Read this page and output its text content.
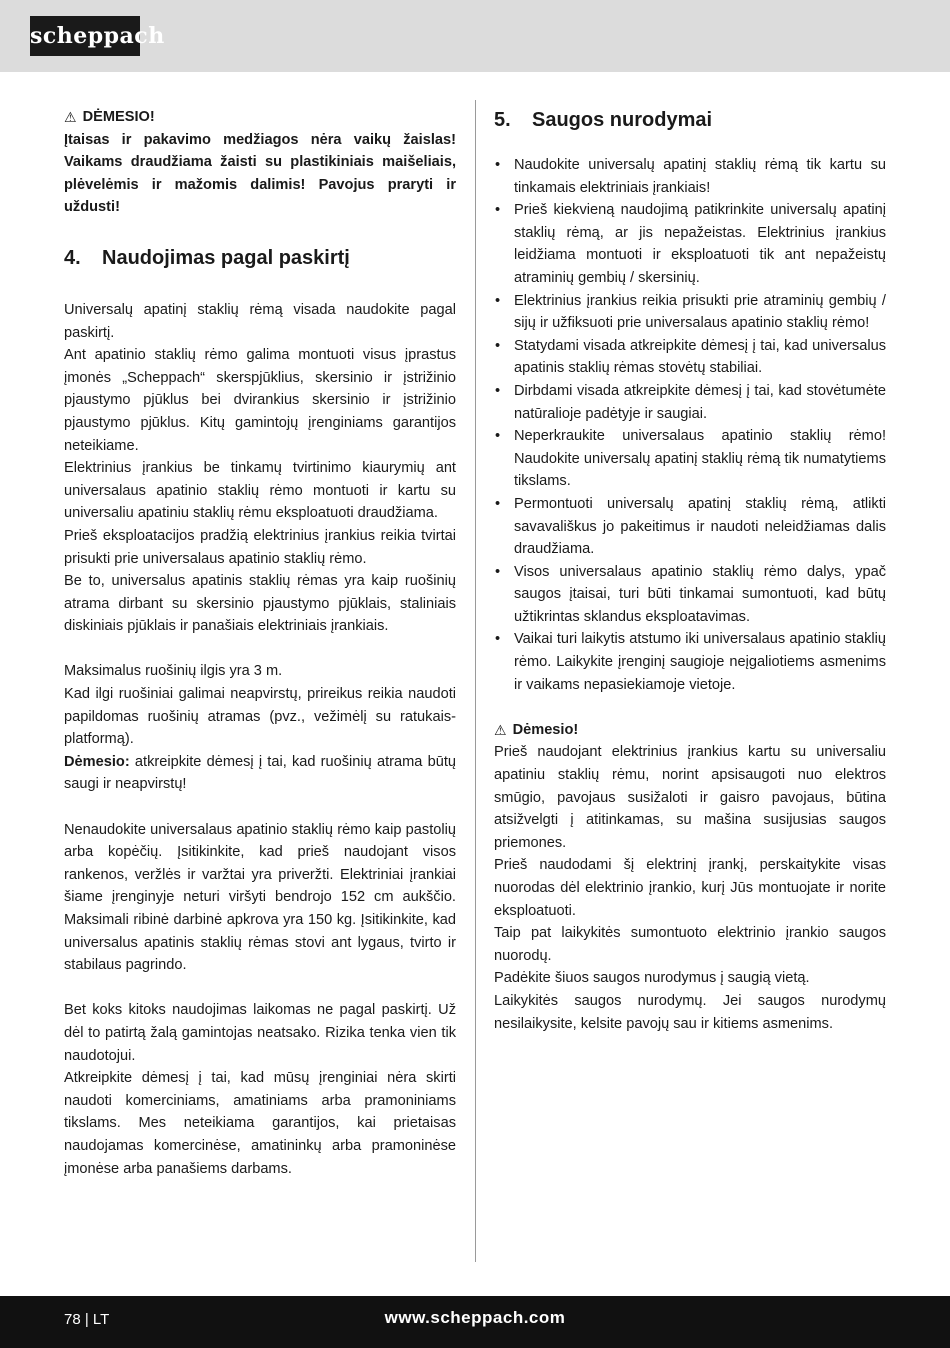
scheppach
⚠ DĖMESIO!

Įtaisas ir pakavimo medžiagos nėra vaikų žaislas! Vaikams draudžiama žaisti su plastikiniais maišeliais, plėvelėmis ir mažomis dalimis! Pavojus praryti ir uždusti!

4.	Naudojimas pagal paskirtį

Universalų apatinį staklių rėmą visada naudokite pagal paskirtį.

Ant apatinio staklių rėmo galima montuoti visus įprastus įmonės „Scheppach“ skerspjūklius, skersinio ir įstrižinio pjaustymo pjūklus bei dvirankius skersinio ir įstrižinio pjaustymo pjūklus. Kitų gamintojų įrenginiams garantijos neteikiame.

Elektrinius įrankius be tinkamų tvirtinimo kiaurymių ant universalaus apatinio staklių rėmo montuoti ir kartu su universaliu apatiniu staklių rėmu eksploatuoti draudžiama.

Prieš eksploatacijos pradžią elektrinius įrankius reikia tvirtai prisukti prie universalaus apatinio staklių rėmo.

Be to, universalus apatinis staklių rėmas yra kaip ruošinių atrama dirbant su skersinio pjaustymo pjūklais, staliniais diskiniais pjūklais ir panašiais elektriniais įrankiais.

Maksimalus ruošinių ilgis yra 3 m.

Kad ilgi ruošiniai galimai neapvirstų, prireikus reikia naudoti papildomas ruošinių atramas (pvz., vežimėlį su ratukais-platformą).

Dėmesio: atkreipkite dėmesį į tai, kad ruošinių atrama būtų saugi ir neapvirstų!

Nenaudokite universalaus apatinio staklių rėmo kaip pastolių arba kopėčių. Įsitikinkite, kad prieš naudojant visos rankenos, veržlės ir varžtai yra priveržti. Elektriniai įrankiai šiame įrenginyje neturi viršyti bendrojo 152 cm aukščio. Maksimali ribinė darbinė apkrova yra 150 kg. Įsitikinkite, kad universalus apatinis staklių rėmas stovi ant lygaus, tvirto ir stabilaus pagrindo.

Bet koks kitoks naudojimas laikomas ne pagal paskirtį. Už dėl to patirtą žalą gamintojas neatsako. Rizika tenka vien tik naudotojui.

Atkreipkite dėmesį į tai, kad mūsų įrenginiai nėra skirti naudoti komerciniams, amatiniams arba pramoniniams tikslams. Mes neteikiama garantijos, kai prietaisas naudojamas komercinėse, amatininkų arba pramoninėse įmonėse arba panašiems darbams.

5.	Saugos nurodymai
• Naudokite universalų apatinį staklių rėmą tik kartu su tinkamais elektriniais įrankiais!
• Prieš kiekvieną naudojimą patikrinkite universalų apatinį staklių rėmą, ar jis nepažeistas. Elektrinius įrankius leidžiama montuoti ir eksploatuoti tik ant nepažeistų atraminių gembių / skersinių.
• Elektrinius įrankius reikia prisukti prie atraminių gembių / sijų ir užfiksuoti prie universalaus apatinio staklių rėmo!
• Statydami visada atkreipkite dėmesį į tai, kad universalus apatinis staklių rėmas stovėtų stabiliai.
• Dirbdami visada atkreipkite dėmesį į tai, kad stovėtumėte natūralioje padėtyje ir saugiai.
• Neperkraukite universalaus apatinio staklių rėmo! Naudokite universalų apatinį staklių rėmą tik numatytiems tikslams.
• Permontuoti universalų apatinį staklių rėmą, atlikti savavališkus jo pakeitimus ir naudoti neleidžiamas dalis draudžiama.
• Visos universalaus apatinio staklių rėmo dalys, ypač saugos įtaisai, turi būti tinkamai sumontuoti, kad būtų užtikrintas sklandus eksploatavimas.
• Vaikai turi laikytis atstumo iki universalaus apatinio staklių rėmo. Laikykite įrenginį saugioje neįgaliotiems asmenims ir vaikams nepasiekiamoje vietoje.
⚠ Dėmesio!

Prieš naudojant elektrinius įrankius kartu su universaliu apatiniu staklių rėmu, norint apsisaugoti nuo elektros smūgio, pavojaus susižaloti ir gaisro pavojaus, būtina atsižvelgti į atitinkamas, su mašina susijusias saugos priemones.

Prieš naudodami šį elektrinį įrankį, perskaitykite visas nuorodas dėl elektrinio įrankio, kurį Jūs montuojate ir norite eksploatuoti.

Taip pat laikykitės sumontuoto elektrinio įrankio saugos nuorodų.

Padėkite šiuos saugos nurodymus į saugią vietą.

Laikykitės saugos nurodymų. Jei saugos nurodymų nesilaikysite, kelsite pavojų sau ir kitiems asmenims.

78 | LT	www.scheppach.com
